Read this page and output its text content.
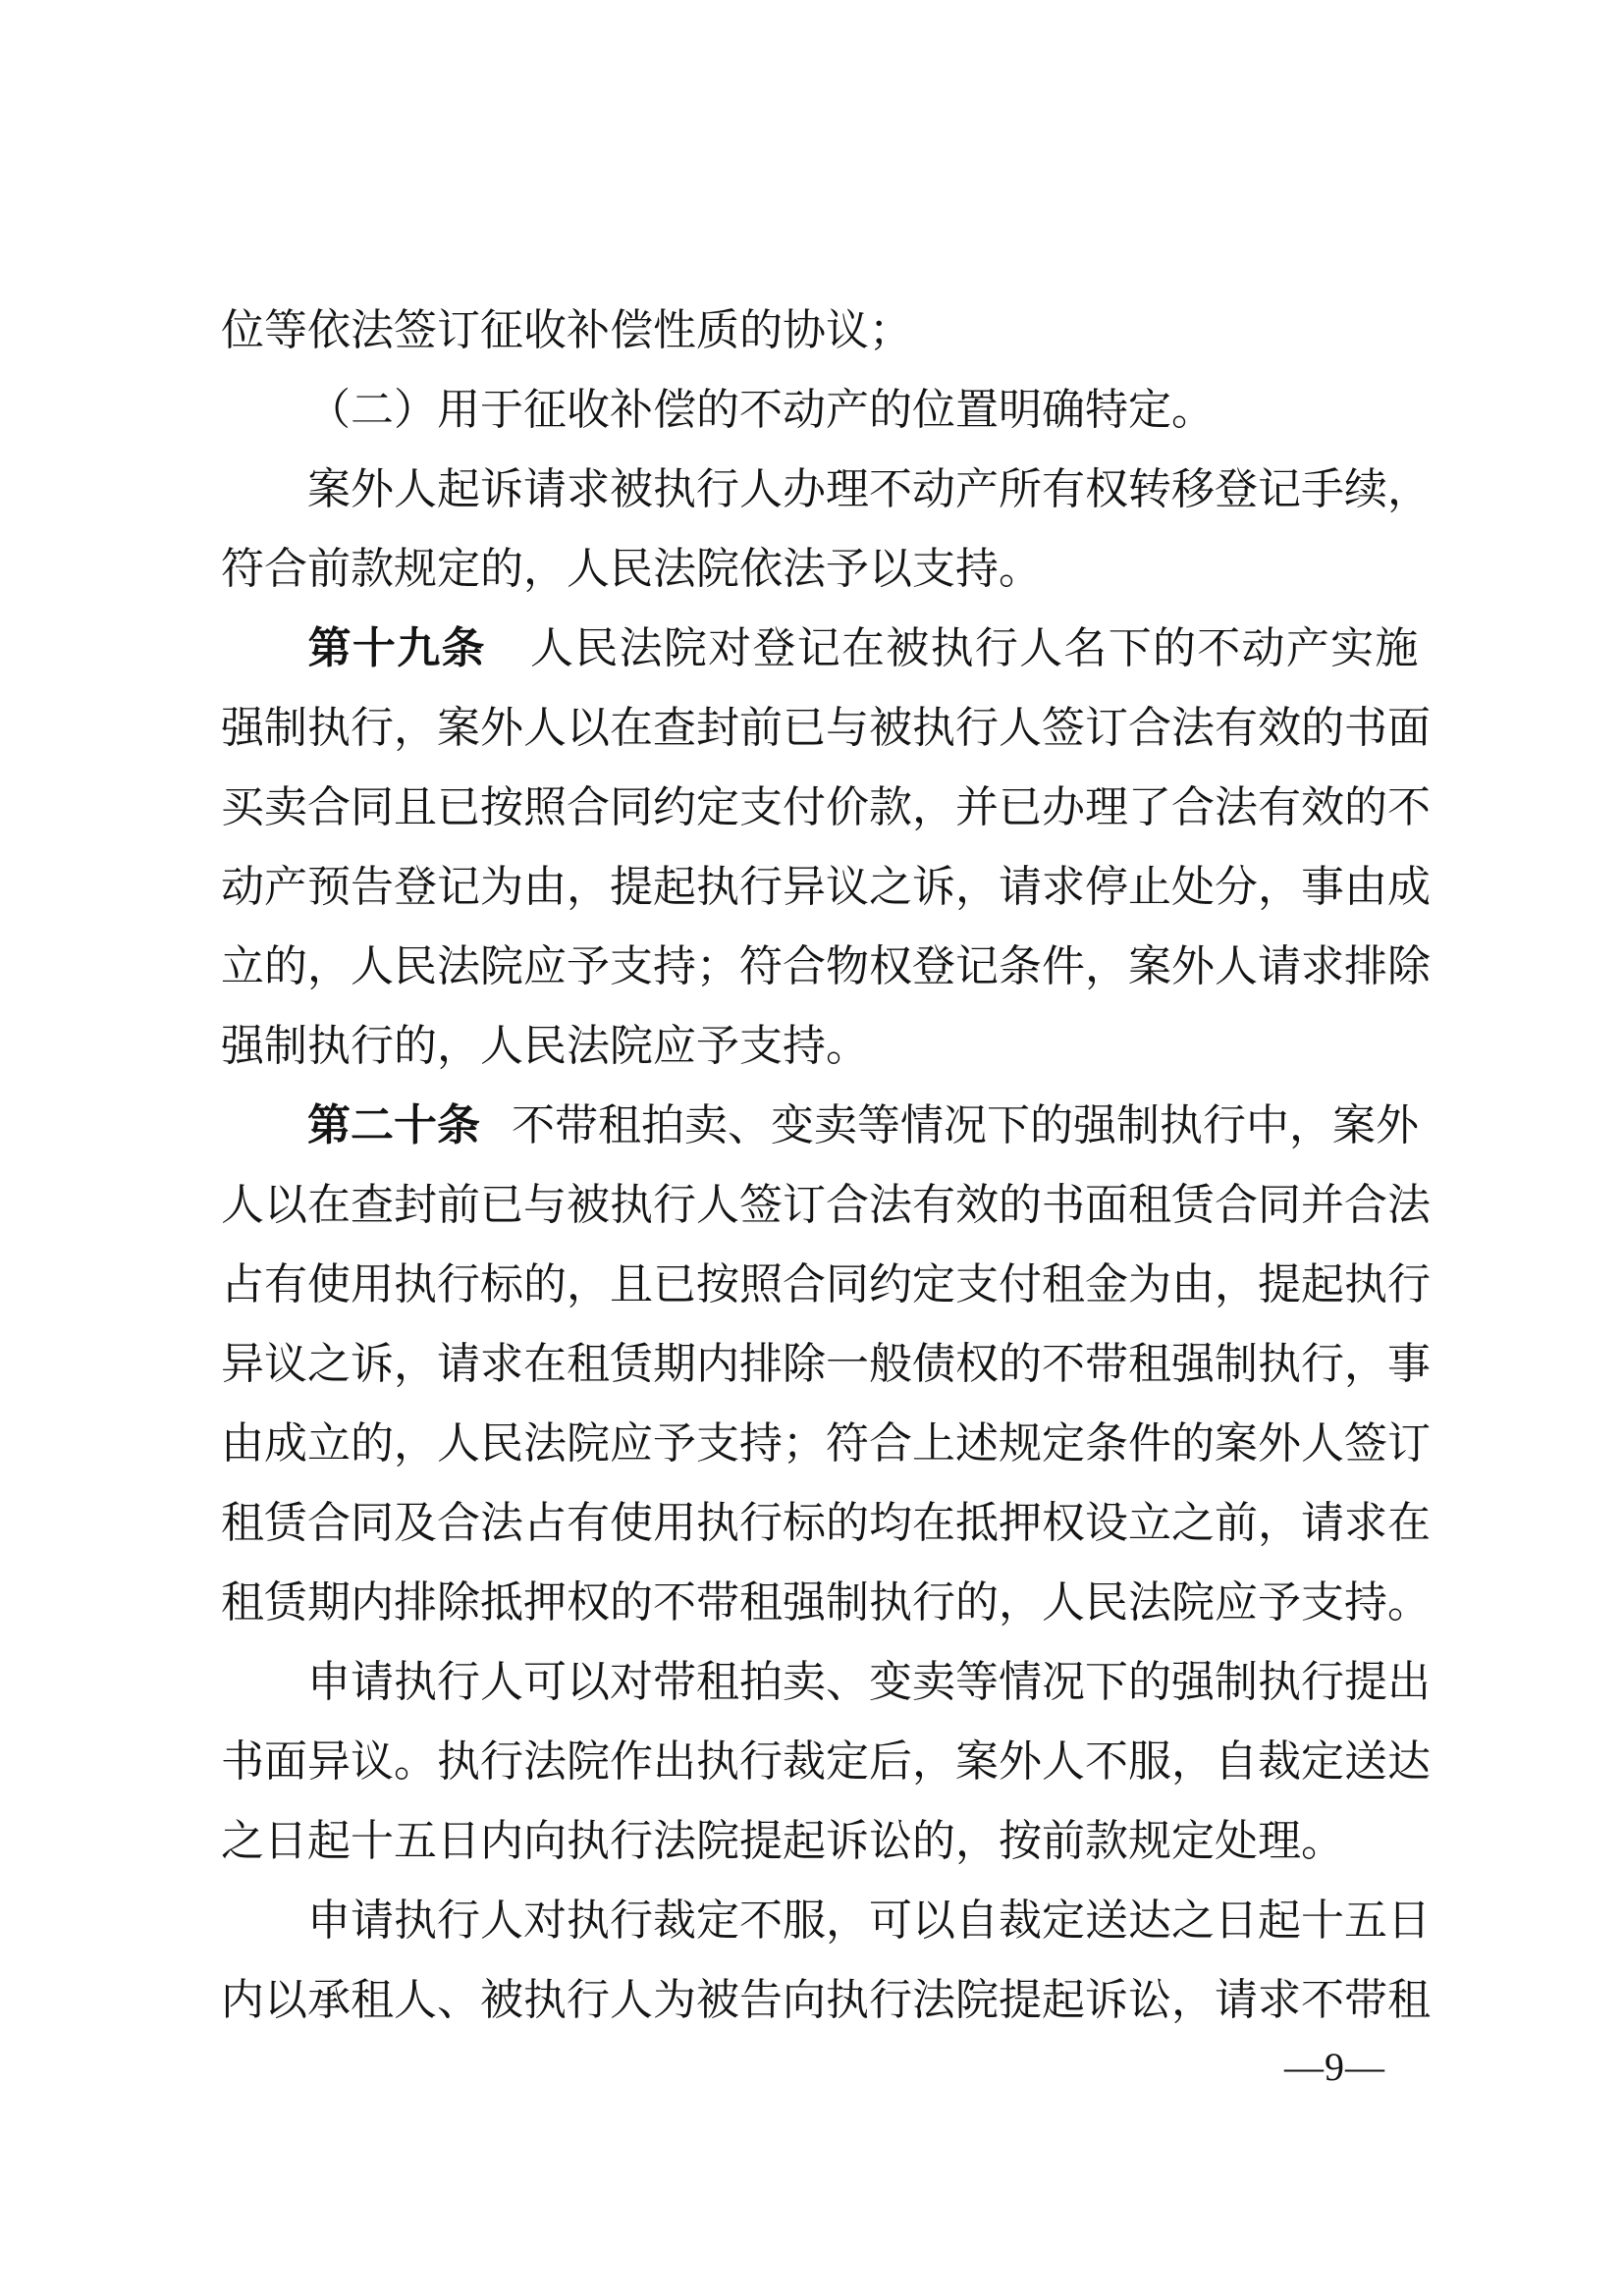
位 等 依 法 签 订 征 收 补 偿 性 质 的 协 议 ；
（ 二 ） 用 于 征 收 补 偿 的 不 动 产 的 位 置 明 确 特 定 。
案 外 人 起 诉 请 求 被 执 行 人 办 理 不 动 产 所 有 权 转 移 登 记 手 续 ，
符 合 前 款 规 定 的 ， 人 民 法 院 依 法 予 以 支 持 。
第 十 九 条 人 民 法 院 对 登 记 在 被 执 行 人 名 下 的 不 动 产 实 施
强 制 执 行 ， 案 外 人 以 在 查 封 前 已 与 被 执 行 人 签 订 合 法 有 效 的 书 面
买 卖 合 同 且 已 按 照 合 同 约 定 支 付 价 款 ， 并 已 办 理 了 合 法 有 效 的 不
动 产 预 告 登 记 为 由 ， 提 起 执 行 异 议 之 诉 ， 请 求 停 止 处 分 ， 事 由 成
立 的 ， 人 民 法 院 应 予 支 持 ； 符 合 物 权 登 记 条 件 ， 案 外 人 请 求 排 除
强 制 执 行 的 ， 人 民 法 院 应 予 支 持 。
第 二 十 条 不 带 租 拍 卖 、 变 卖 等 情 况 下 的 强 制 执 行 中 ， 案 外
人 以 在 查 封 前 已 与 被 执 行 人 签 订 合 法 有 效 的 书 面 租 赁 合 同 并 合 法
占 有 使 用 执 行 标 的 ， 且 已 按 照 合 同 约 定 支 付 租 金 为 由 ， 提 起 执 行
异 议 之 诉 ， 请 求 在 租 赁 期 内 排 除 一 般 债 权 的 不 带 租 强 制 执 行 ， 事
由 成 立 的 ， 人 民 法 院 应 予 支 持 ； 符 合 上 述 规 定 条 件 的 案 外 人 签 订
租 赁 合 同 及 合 法 占 有 使 用 执 行 标 的 均 在 抵 押 权 设 立 之 前 ， 请 求 在
租 赁 期 内 排 除 抵 押 权 的 不 带 租 强 制 执 行 的 ， 人 民 法 院 应 予 支 持 。
申 请 执 行 人 可 以 对 带 租 拍 卖 、 变 卖 等 情 况 下 的 强 制 执 行 提 出
书 面 异 议 。 执 行 法 院 作 出 执 行 裁 定 后 ， 案 外 人 不 服 ， 自 裁 定 送 达
之 日 起 十 五 日 内 向 执 行 法 院 提 起 诉 讼 的 ， 按 前 款 规 定 处 理 。
申 请 执 行 人 对 执 行 裁 定 不 服 ， 可 以 自 裁 定 送 达 之 日 起 十 五 日
内 以 承 租 人 、 被 执 行 人 为 被 告 向 执 行 法 院 提 起 诉 讼 ， 请 求 不 带 租
—9—
